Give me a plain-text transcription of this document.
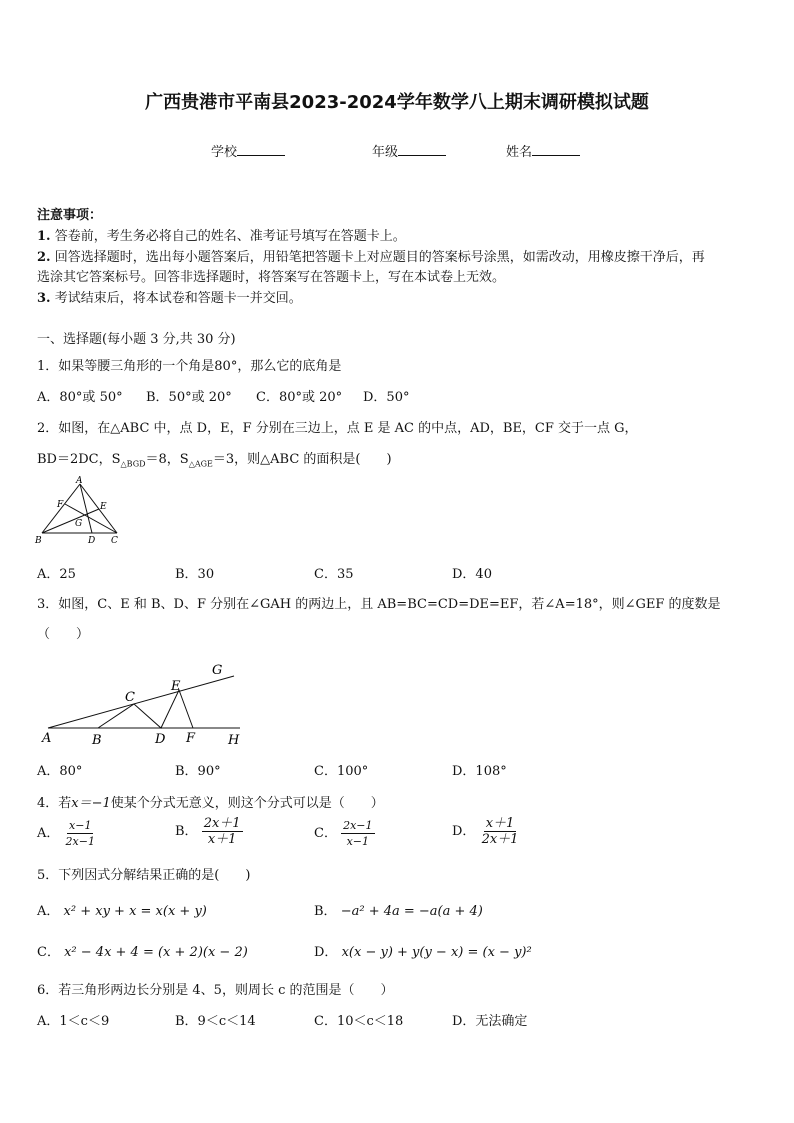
广西贵港市平南县2023-2024学年数学八上期末调研模拟试题
学校	年级	姓名
注意事项：
1. 答卷前，考生务必将自己的姓名、准考证号填写在答题卡上。
2. 回答选择题时，选出每小题答案后，用铅笔把答题卡上对应题目的答案标号涂黑，如需改动，用橡皮擦干净后，再
选涂其它答案标号。回答非选择题时，将答案写在答题卡上，写在本试卷上无效。
3. 考试结束后，将本试卷和答题卡一并交回。
一、选择题(每小题 3 分,共 30 分)
1．如果等腰三角形的一个角是80°，那么它的底角是
A．80°或 50° B．50°或 20° C．80°或 20° D．50°
2．如图，在△ABC 中，点 D，E，F 分别在三边上，点 E 是 AC 的中点，AD，BE，CF 交于一点 G，
BD＝2DC，$S_{\triangle BGD}=8$，$S_{\triangle AGE}=3$，则△ABC 的面积是(　　)
A
B	C
D
E
F
G
A．25	B．30	C．35	D．40
3．如图，C、E 和 B、D、F 分别在∠GAH 的两边上，且 AB=BC=CD=DE=EF，若∠A=18°，则∠GEF 的度数是
（　　）
A	B
C
D
E
F
G
H
A．80°	B．90°	C．100°	D．108°
4．若x＝−1使某个分式无意义，则这个分式可以是（　　）
A． $\frac{x-1}{2x-1}$	B． $\frac{2x+1}{x+1}$	C． $\frac{2x-1}{x-1}$	D． $\frac{x+1}{2x+1}$
5．下列因式分解结果正确的是(　　)
A． x² + xy + x = x(x + y)	B． −a² + 4a = −a(a + 4)
C． x² − 4x + 4 = (x + 2)(x − 2)	D． x(x − y) + y(y − x) = (x − y)²
6．若三角形两边长分别是 4、5，则周长 c 的范围是（　　）
A．1＜c＜9	B．9＜c＜14	C．10＜c＜18	D．无法确定
